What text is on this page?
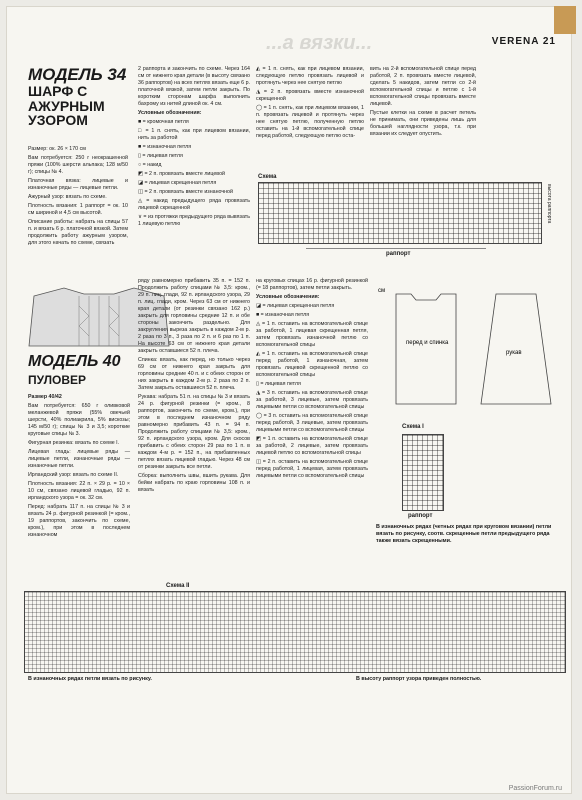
...а вязки...	VERENA 21
МОДЕЛЬ 34
ШАРФ С
АЖУРНЫМ
УЗОРОМ

Размер: ок. 26 × 170 см

Вам потребуется: 250 г неокрашенной пряжи (100% шерсти альпака; 128 м/50 г); спицы № 4.

Платочная вязка: лицевые и изнаночные ряды — лицевые петли.

Ажурный узор: вязать по схеме.

Плотность вязания: 1 раппорт = ок. 10 см шириной и 4,5 см высотой.

Описание работы: набрать на спицы 57 п. и вязать 6 р. платочной вязкой. Затем продолжить работу ажурным узором, для этого начать по схеме, связать

2 раппорта и закончить по схеме. Через 164 см от нижнего края детали (в высоту связано 36 раппортов) на всех петлях вязать еще 6 р. платочной вязкой, затем петли закрыть. По коротким сторонам шарфа выполнить бахрому из нитей длиной ок. 4 см.

Условные обозначения:

■ = кромочная петля

□ = 1 п. снять, как при лицевом вязании, нить за работой

■ = изнаночная петля

▯ = лицевая петля

○ = накид

◩ = 2 п. провязать вместе лицевой

◪ = лицевая скрещенная петля

◫ = 2 п. провязать вместе изнаночной

◬ = накид предыдущего ряда провязать лицевой скрещенной

∨ = из протяжки предыдущего ряда вывязать 1 лицевую петлю

◭ = 1 п. снять, как при лицевом вязании, следующую петлю провязать лицевой и протянуть через нее снятую петлю

◮ = 2 п. провязать вместе изнаночной скрещенной

◯ = 1 п. снять, как при лицевом вязании, 1 п. провязать лицевой и протянуть через нее снятую петлю, полученную петлю оставить на 1-й вспомогательной спице перед работой, следующую петлю оста-

вить на 2-й вспомогательной спице перед работой, 2 п. провязать вместе лицевой, сделать 5 накидов, затем петли со 2-й вспомогательной спицы и петлю с 1-й вспомогательной спицы провязать вместе лицевой.

Пустые клетки на схеме в расчет петель не принимать, они приведены лишь для большей наглядности узора, т.к. при вязании их следует опустить.

Схема
высота раппорта
раппорт
МОДЕЛЬ 40
ПУЛОВЕР

Размер 40/42

Вам потребуется: 650 г оливковой меланжевой пряжи (55% овечьей шерсти, 40% полиакрила, 5% вискозы; 145 м/50 г); спицы № 3 и 3,5; короткие круговые спицы № 3.

Фигурная резинка: вязать по схеме I.

Лицевая гладь: лицевые ряды — лицевые петли, изнаночные ряды — изнаночные петли.

Ирландский узор: вязать по схеме II.

Плотность вязания: 22 п. × 29 р. = 10 × 10 см, связано лицевой гладью, 92 п. ирландского узора = ок. 32 см.

Перед: набрать 117 п. на спицы № 3 и вязать 24 р. фигурной резинкой (= кром., 19 раппортов, закончить по схеме, кром.), при этом в последнем изнаночном

ряду равномерно прибавить 35 п. = 152 п. Продолжить работу спицами № 3,5: кром., 29 п. лиц. глади, 92 п. ирландского узора, 29 п. лиц. глади, кром. Через 63 см от нижнего края детали (от резинки связано 162 р.) закрыть для горловины средние 12 п. и обе стороны закончить раздельно. Для закругления выреза закрыть в каждом 2-м р. 2 раза по 3 п., 3 раза по 2 п. и 6 раз по 1 п. На высоте 63 см от нижнего края детали закрыть оставшиеся 52 п. плеча.

Спинка: вязать, как перед, но только через 69 см от нижнего края закрыть для горловины средние 40 п. и с обеих сторон от них закрыть в каждом 2-м р. 2 раза по 2 п. Затем закрыть оставшиеся 52 п. плеча.

Рукава: набрать 51 п. на спицы № 3 и вязать 24 р. фигурной резинки (= кром., 8 раппортов, закончить по схеме, кром.), при этом в последнем изнаночном ряду равномерно прибавить 43 п. = 94 п. Продолжить работу спицами № 3,5: кром., 92 п. ирландского узора, кром. Для скосов прибавить с обеих сторон 29 раз по 1 п. в каждом 4-м р. = 152 п., на прибавленных петлях вязать лицевой гладью. Через 48 см от резинки закрыть все петли.

Сборка: выполнить швы, вшить рукава. Для бейки набрать по краю горловины 108 п. и вязать

на круговых спицах 16 р. фигурной резинкой (= 18 раппортов), затем петли закрыть.

Условные обозначения:

◪ = лицевая скрещенная петля

■ = изнаночная петля

◬ = 1 п. оставить на вспомогательной спице за работой, 1 лицевая скрещенная петля, затем провязать изнаночной петлю со вспомогательной спицы

◭ = 1 п. оставить на вспомогательной спице перед работой, 1 изнаночная, затем провязать лицевой скрещенной петлю со вспомогательной спицы

▯ = лицевая петля

◮ = 3 п. оставить на вспомогательной спице за работой, 3 лицевые, затем провязать лицевыми петли со вспомогательной спицы

◯ = 3 п. оставить на вспомогательной спице перед работой, 3 лицевые, затем провязать лицевыми петли со вспомогательной спицы

◩ = 1 п. оставить на вспомогательной спице за работой, 2 лицевые, затем провязать лицевой петлю со вспомогательной спицы

◫ = 2 п. оставить на вспомогательной спице перед работой, 1 лицевая, затем провязать лицевыми петли со вспомогательной спицы

см
перед и спинка
рукав
Схема I
раппорт
В изнаночных рядах (четных рядах при круговом вязании) петли вязать по рисунку, соотв. скрещенные петли предыдущего ряда также вязать скрещенными.
Схема II
В изнаночных рядах петли вязать по рисунку.	В высоту раппорт узора приведен полностью.
PassionForum.ru
